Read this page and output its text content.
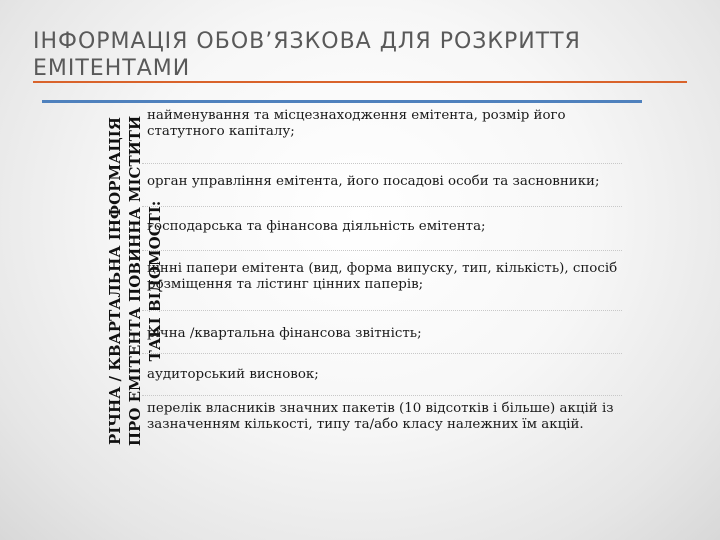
ІНФОРМАЦІЯ ОБОВ’ЯЗКОВА ДЛЯ РОЗКРИТТЯ ЕМІТЕНТАМИ
РІЧНА / КВАРТАЛЬНА ІНФОРМАЦІЯ ПРО ЕМІТЕНТА ПОВИННА МІСТИТИ ТАКІ ВІДОМОСТІ:
найменування та місцезнаходження емітента, розмір його статутного капіталу;
орган управління емітента, його посадові особи та засновники;
господарська та фінансова діяльність емітента;
цінні папери емітента (вид, форма випуску, тип, кількість), спосіб розміщення та лістинг цінних паперів;
річна /квартальна фінансова звітність;
аудиторський висновок;
перелік власників значних пакетів (10 відсотків і більше) акцій із зазначенням кількості, типу та/або класу належних їм акцій.
